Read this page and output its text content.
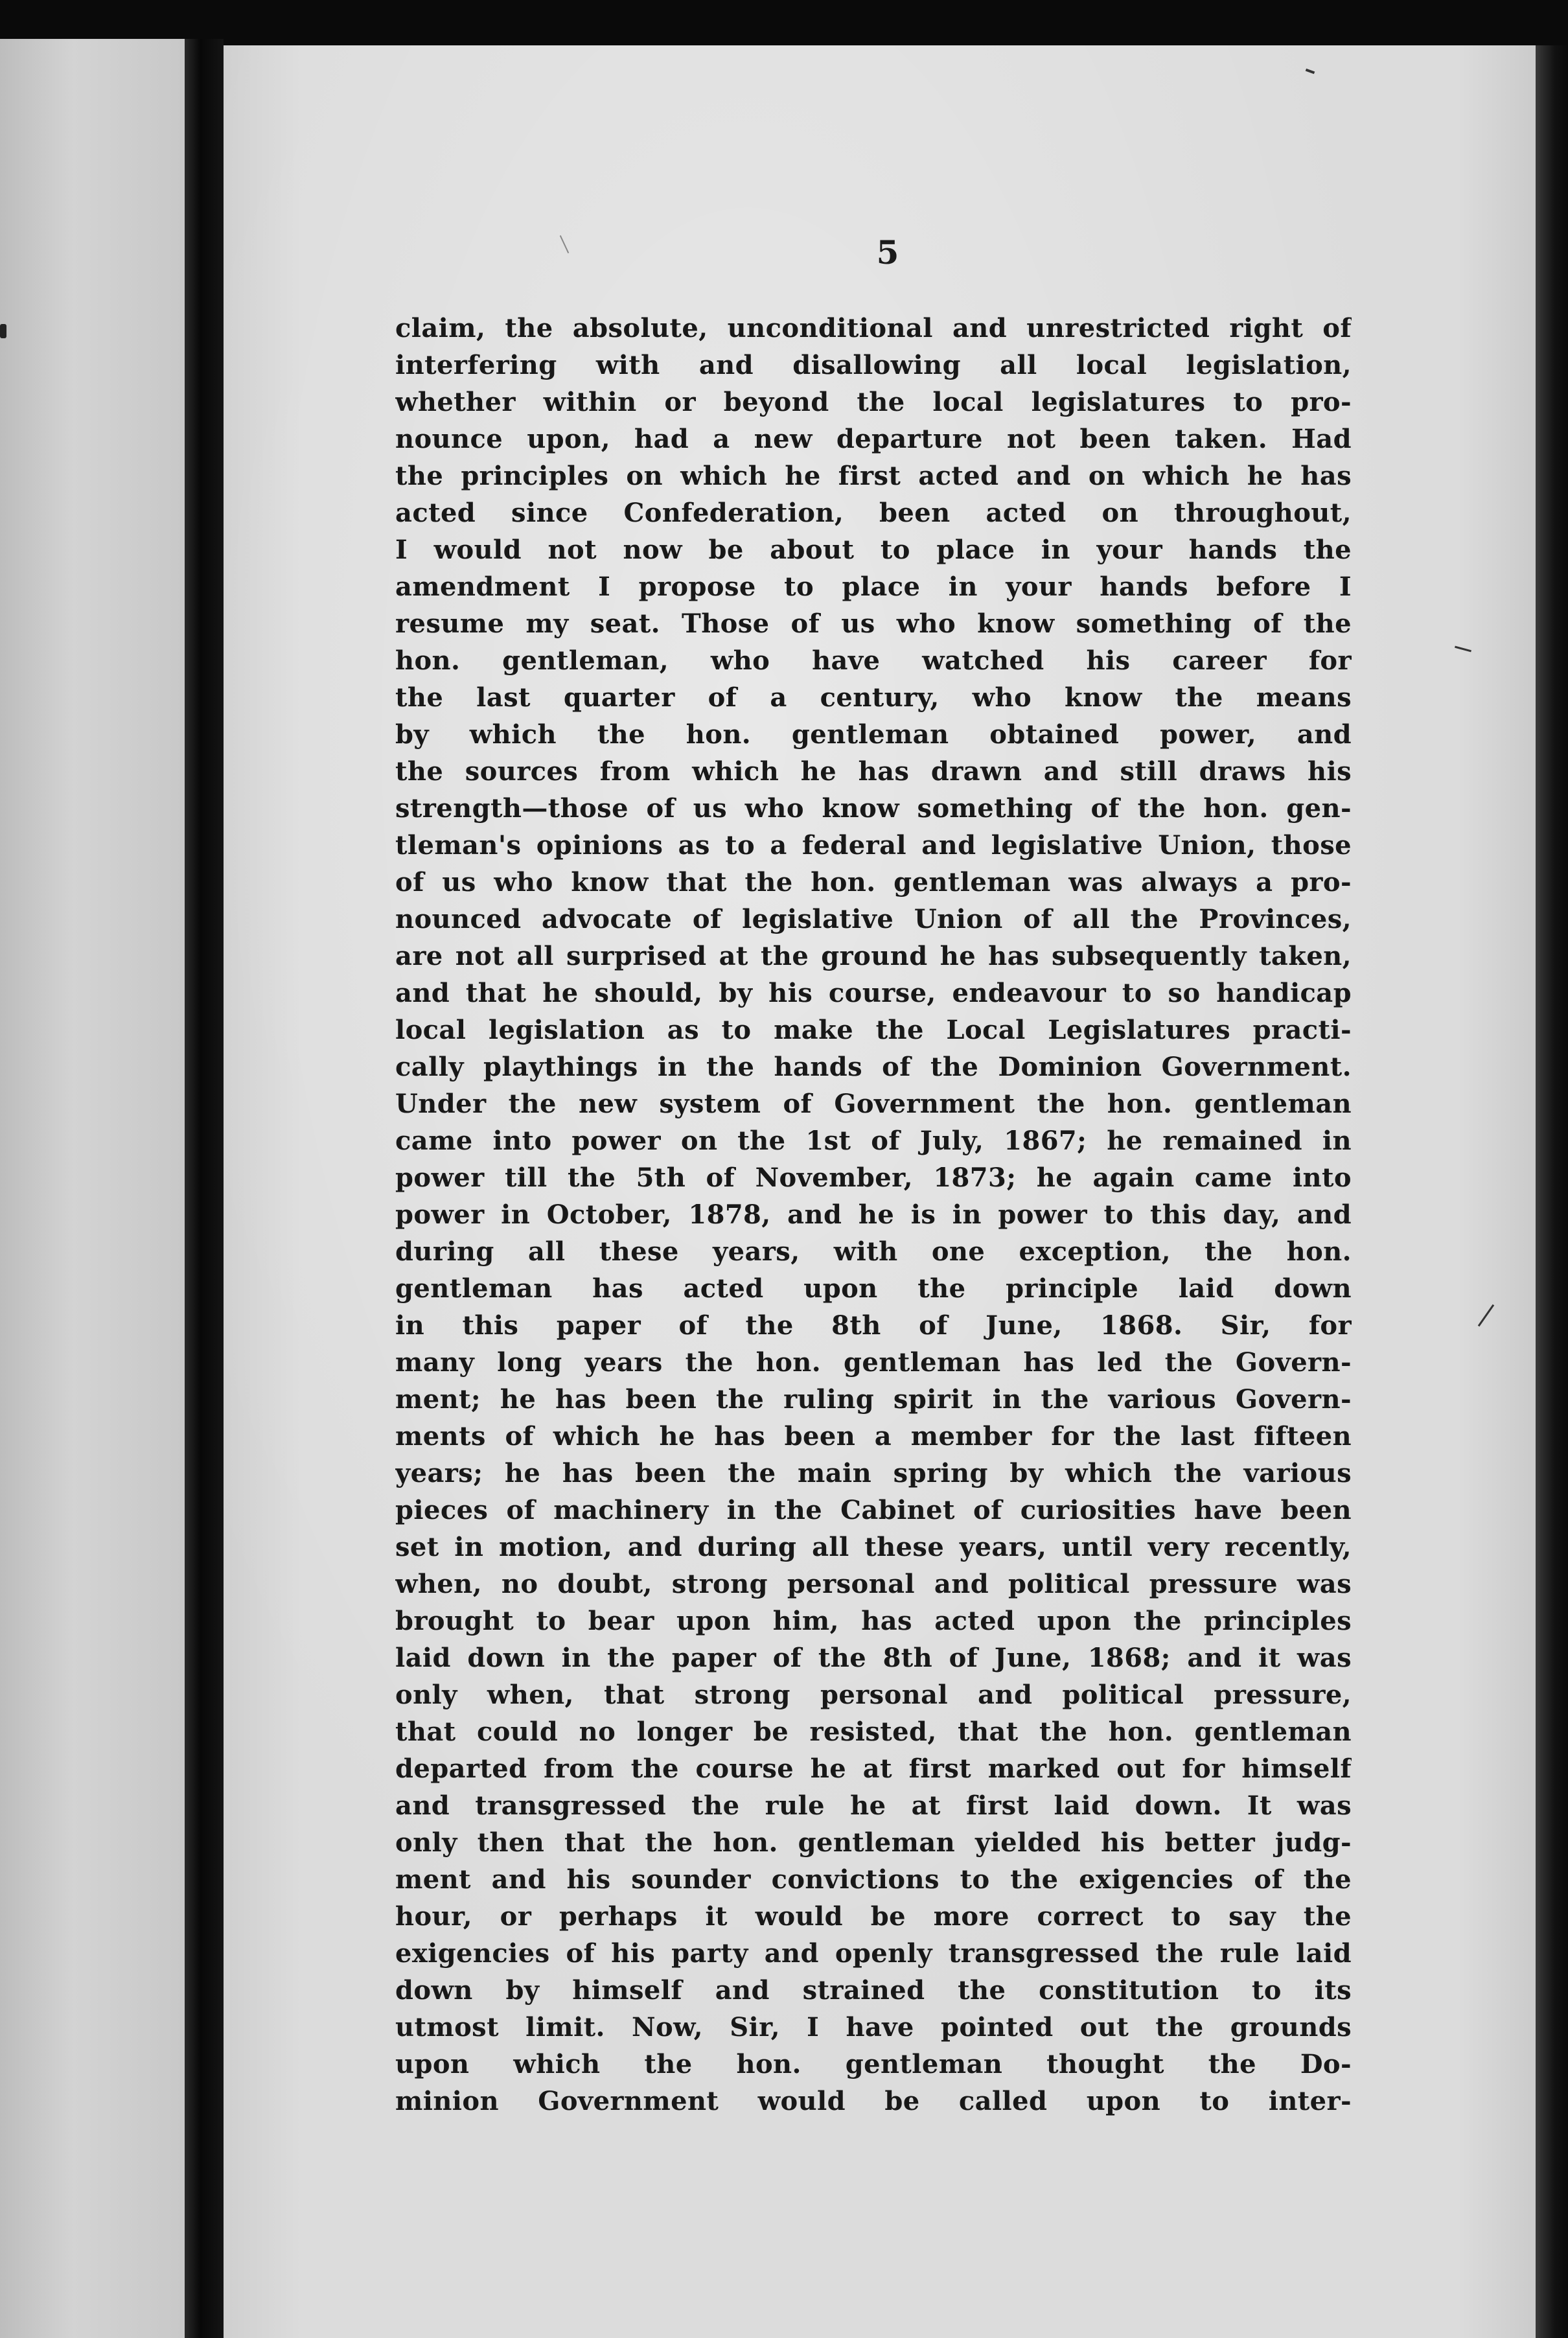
5
claim, the absolute, unconditional and unrestricted right of
interfering with and disallowing all local legislation,
whether within or beyond the local legislatures to pro-
nounce upon, had a new departure not been taken. Had
the principles on which he first acted and on which he has
acted since Confederation, been acted on throughout,
I would not now be about to place in your hands the
amendment I propose to place in your hands before I
resume my seat. Those of us who know something of the
hon. gentleman, who have watched his career for
the last quarter of a century, who know the means
by which the hon. gentleman obtained power, and
the sources from which he has drawn and still draws his
strength—those of us who know something of the hon. gen-
tleman's opinions as to a federal and legislative Union, those
of us who know that the hon. gentleman was always a pro-
nounced advocate of legislative Union of all the Provinces,
are not all surprised at the ground he has subsequently taken,
and that he should, by his course, endeavour to so handicap
local legislation as to make the Local Legislatures practi-
cally playthings in the hands of the Dominion Government.
Under the new system of Government the hon. gentleman
came into power on the 1st of July, 1867; he remained in
power till the 5th of November, 1873; he again came into
power in October, 1878, and he is in power to this day, and
during all these years, with one exception, the hon.
gentleman has acted upon the principle laid down
in this paper of the 8th of June, 1868. Sir, for
many long years the hon. gentleman has led the Govern-
ment; he has been the ruling spirit in the various Govern-
ments of which he has been a member for the last fifteen
years; he has been the main spring by which the various
pieces of machinery in the Cabinet of curiosities have been
set in motion, and during all these years, until very recently,
when, no doubt, strong personal and political pressure was
brought to bear upon him, has acted upon the principles
laid down in the paper of the 8th of June, 1868; and it was
only when, that strong personal and political pressure,
that could no longer be resisted, that the hon. gentleman
departed from the course he at first marked out for himself
and transgressed the rule he at first laid down. It was
only then that the hon. gentleman yielded his better judg-
ment and his sounder convictions to the exigencies of the
hour, or perhaps it would be more correct to say the
exigencies of his party and openly transgressed the rule laid
down by himself and strained the constitution to its
utmost limit. Now, Sir, I have pointed out the grounds
upon which the hon. gentleman thought the Do-
minion Government would be called upon to inter-
